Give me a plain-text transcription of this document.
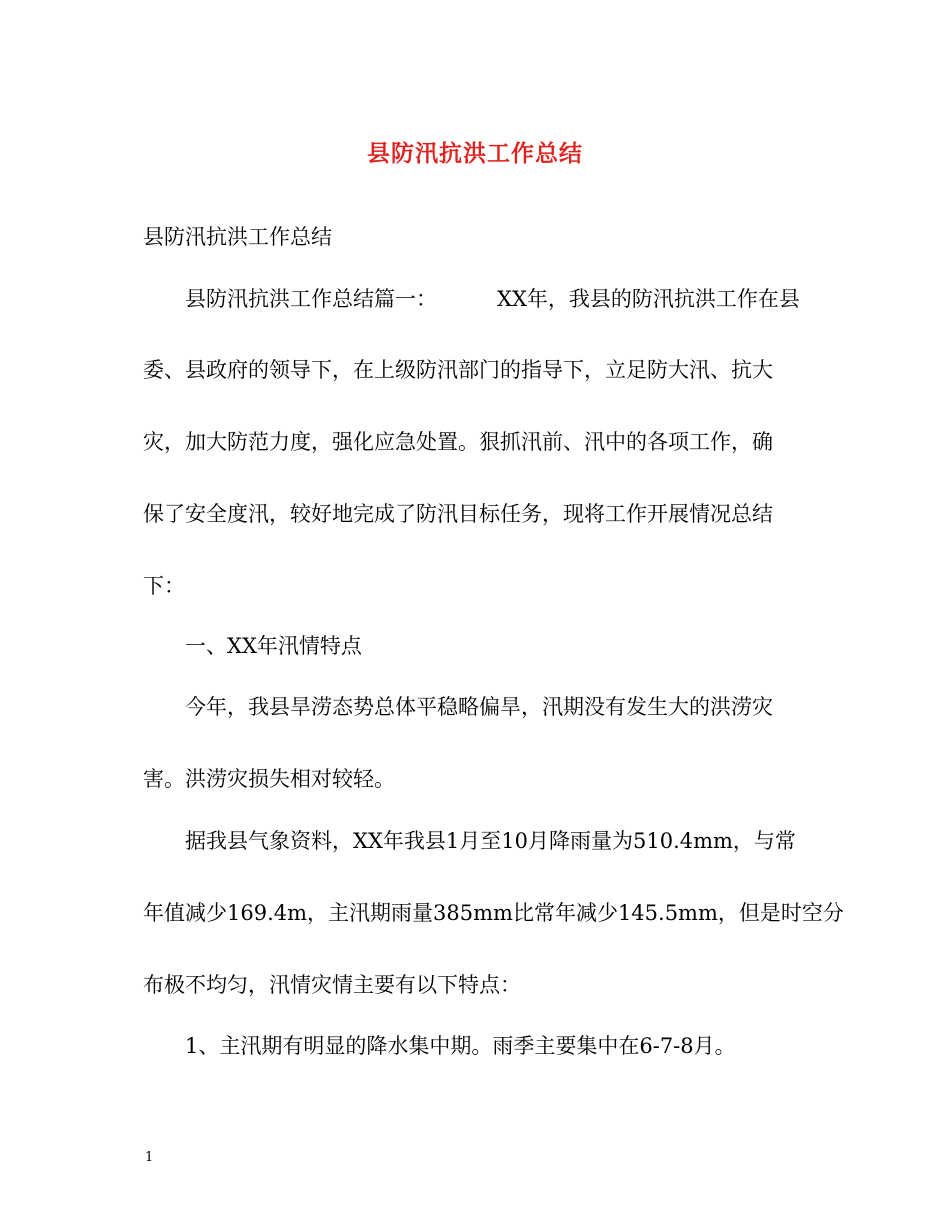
县防汛抗洪工作总结
县防汛抗洪工作总结
县防汛抗洪工作总结篇一：	XX年，我县的防汛抗洪工作在县
委、县政府的领导下，在上级防汛部门的指导下，立足防大汛、抗大
灾，加大防范力度，强化应急处置。狠抓汛前、汛中的各项工作，确
保了安全度汛，较好地完成了防汛目标任务，现将工作开展情况总结
下：
一、XX年汛情特点
今年，我县旱涝态势总体平稳略偏旱，汛期没有发生大的洪涝灾
害。洪涝灾损失相对较轻。
据我县气象资料，XX年我县1月至10月降雨量为510.4mm，与常
年值减少169.4m，主汛期雨量385mm比常年减少145.5mm，但是时空分
布极不均匀，汛情灾情主要有以下特点：
1、主汛期有明显的降水集中期。雨季主要集中在6-7-8月。
1
